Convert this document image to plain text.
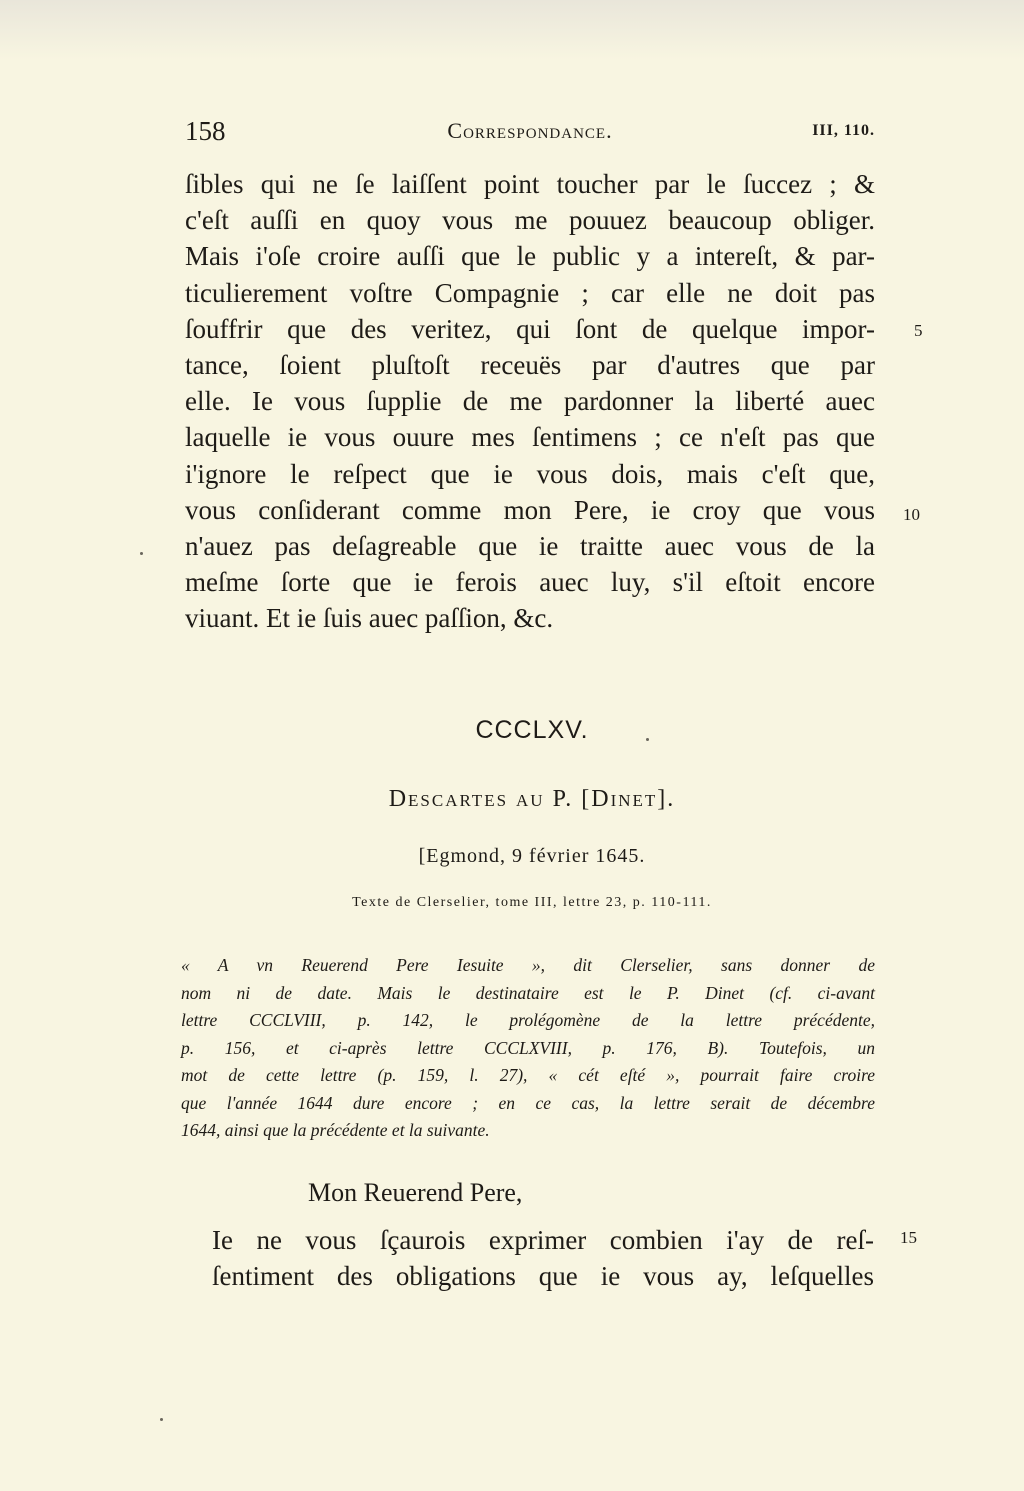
158	Correspondance.	III, 110.
ſibles qui ne ſe laiſſent point toucher par le ſuccez ; &
c'eſt auſſi en quoy vous me pouuez beaucoup obliger.
Mais i'oſe croire auſſi que le public y a intereſt, & par-
ticulierement voſtre Compagnie ; car elle ne doit pas
ſouffrir que des veritez, qui ſont de quelque impor-
tance, ſoient pluſtoſt receuës par d'autres que par
elle. Ie vous ſupplie de me pardonner la liberté auec
laquelle ie vous ouure mes ſentimens ; ce n'eſt pas que
i'ignore le reſpect que ie vous dois, mais c'eſt que,
vous conſiderant comme mon Pere, ie croy que vous
n'auez pas deſagreable que ie traitte auec vous de la
meſme ſorte que ie ferois auec luy, s'il eſtoit encore
viuant. Et ie ſuis auec paſſion, &c.
5
10
15
CCCLXV.
Descartes au P. [Dinet].
[Egmond, 9 février 1645.
Texte de Clerselier, tome III, lettre 23, p. 110-111.
« A vn Reuerend Pere Iesuite », dit Clerselier, sans donner de
nom ni de date. Mais le destinataire est le P. Dinet (cf. ci-avant
lettre CCCLVIII, p. 142, le prolégomène de la lettre précédente,
p. 156, et ci-après lettre CCCLXVIII, p. 176, B). Toutefois, un
mot de cette lettre (p. 159, l. 27), « cét eſté », pourrait faire croire
que l'année 1644 dure encore ; en ce cas, la lettre serait de décembre
1644, ainsi que la précédente et la suivante.
Mon Reuerend Pere,
Ie ne vous ſçaurois exprimer combien i'ay de reſ-
ſentiment des obligations que ie vous ay, leſquelles
